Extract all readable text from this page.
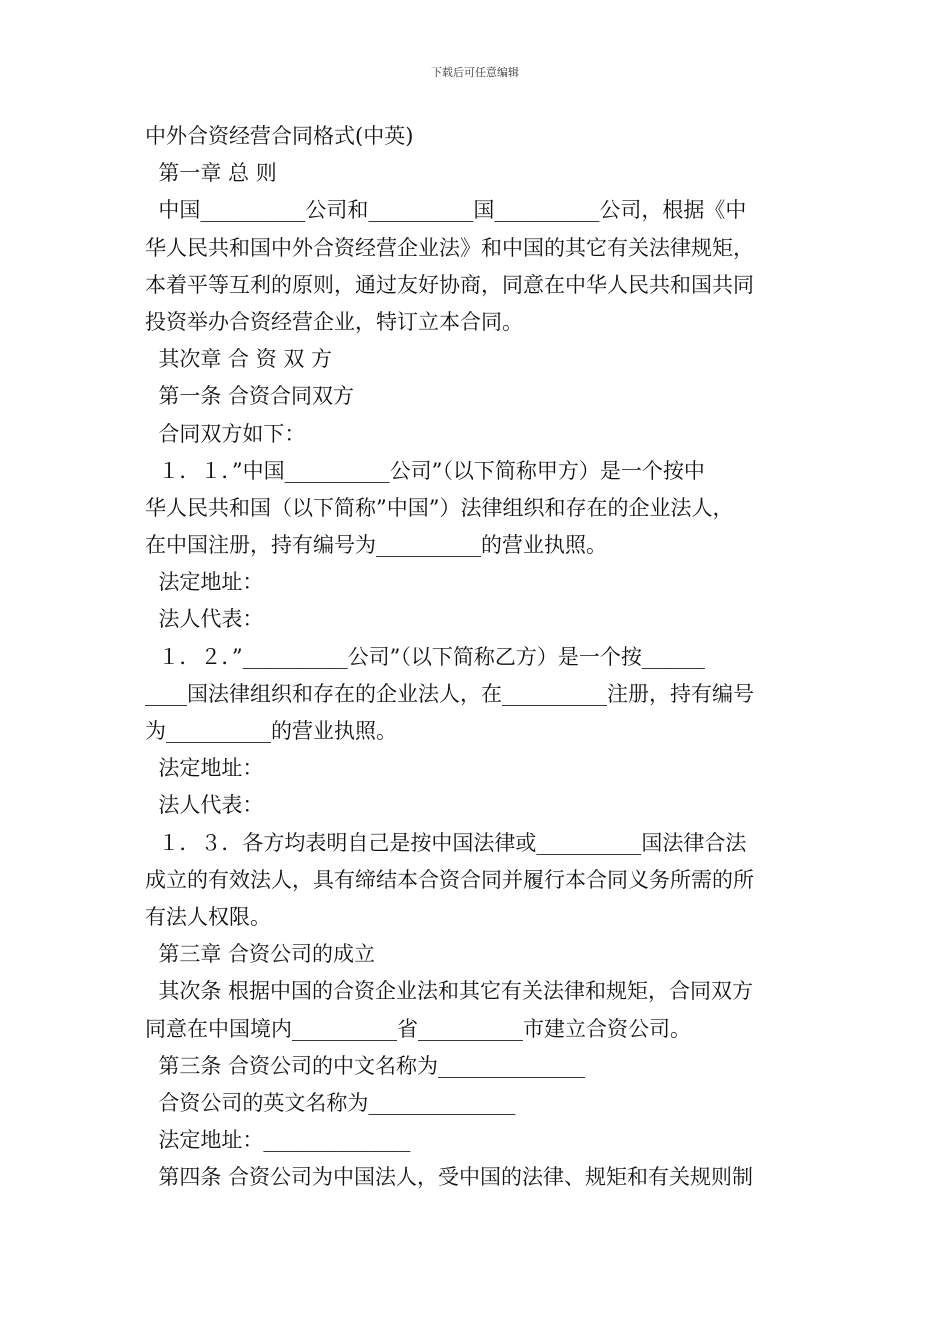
下载后可任意编辑
中外合资经营合同格式(中英)
第一章 总 则
中国__________公司和__________国__________公司，根据《中
华人民共和国中外合资经营企业法》和中国的其它有关法律规矩，
本着平等互利的原则，通过友好协商，同意在中华人民共和国共同
投资举办合资经营企业，特订立本合同。
其次章 合 资 双 方
第一条 合资合同双方
合同双方如下：
１．１．”中国__________公司”（以下简称甲方）是一个按中
华人民共和国（以下简称”中国”）法律组织和存在的企业法人，
在中国注册，持有编号为__________的营业执照。
法定地址：
法人代表：
１．２．”__________公司”（以下简称乙方）是一个按______
____国法律组织和存在的企业法人，在__________注册，持有编号
为__________的营业执照。
法定地址：
法人代表：
１．３．各方均表明自己是按中国法律或__________国法律合法
成立的有效法人，具有缔结本合资合同并履行本合同义务所需的所
有法人权限。
第三章 合资公司的成立
其次条 根据中国的合资企业法和其它有关法律和规矩，合同双方
同意在中国境内__________省__________市建立合资公司。
第三条 合资公司的中文名称为______________
合资公司的英文名称为______________
法定地址：______________
第四条 合资公司为中国法人，受中国的法律、规矩和有关规则制
